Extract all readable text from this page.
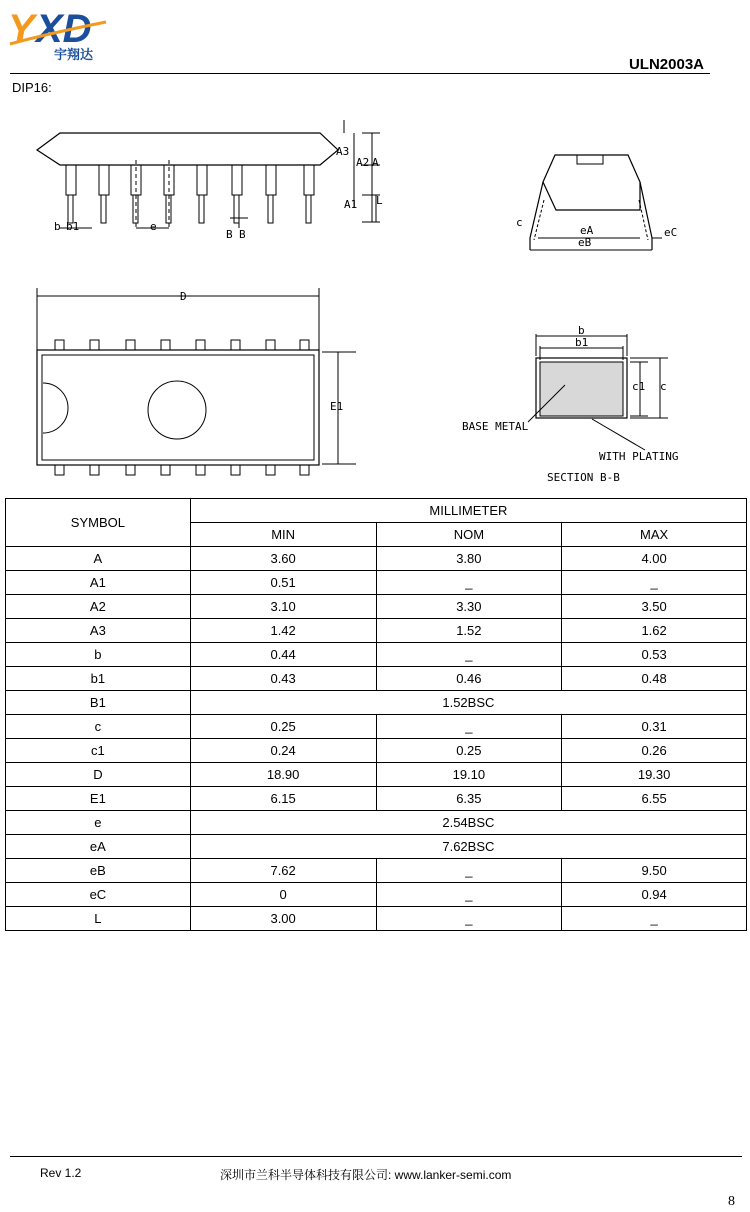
Y XD
宇翔达
ULN2003A
DIP16:
A3
A2 A
A1 L
b b1	e
B B
c
eA
eB
eC
D
E1
b
b1
c1 c
BASE METAL
WITH PLATING
SECTION B-B
SYMBOL	MILLIMETER		
	MIN	NOM	MAX
A	3.60	3.80	4.00
A1	0.51	_	_
A2	3.10	3.30	3.50
A3	1.42	1.52	1.62
b	0.44	_	0.53
b1	0.43	0.46	0.48
B1	1.52BSC		
c	0.25	_	0.31
c1	0.24	0.25	0.26
D	18.90	19.10	19.30
E1	6.15	6.35	6.55
e	2.54BSC		
eA	7.62BSC		
eB	7.62	_	9.50
eC	0	_	0.94
L	3.00	_	_
Rev 1.2	深圳市兰科半导体科技有限公司: www.lanker-semi.com
8
